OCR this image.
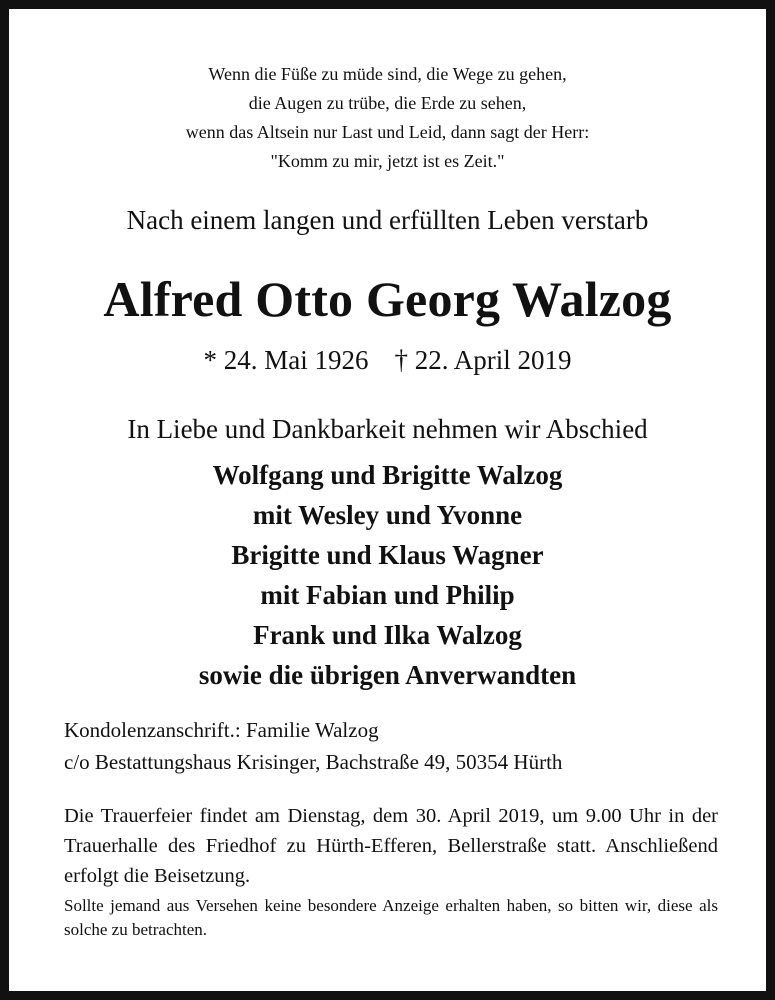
Wenn die Füße zu müde sind, die Wege zu gehen,
die Augen zu trübe, die Erde zu sehen,
wenn das Altsein nur Last und Leid, dann sagt der Herr:
"Komm zu mir, jetzt ist es Zeit."
Nach einem langen und erfüllten Leben verstarb
Alfred Otto Georg Walzog
* 24. Mai 1926 † 22. April 2019
In Liebe und Dankbarkeit nehmen wir Abschied
Wolfgang und Brigitte Walzog
mit Wesley und Yvonne
Brigitte und Klaus Wagner
mit Fabian und Philip
Frank und Ilka Walzog
sowie die übrigen Anverwandten
Kondolenzanschrift.: Familie Walzog
c/o Bestattungshaus Krisinger, Bachstraße 49, 50354 Hürth
Die Trauerfeier findet am Dienstag, dem 30. April 2019, um 9.00 Uhr in der Trauerhalle des Friedhof zu Hürth-Efferen, Bellerstraße statt. Anschließend erfolgt die Beisetzung.
Sollte jemand aus Versehen keine besondere Anzeige erhalten haben, so bitten wir, diese als solche zu betrachten.
